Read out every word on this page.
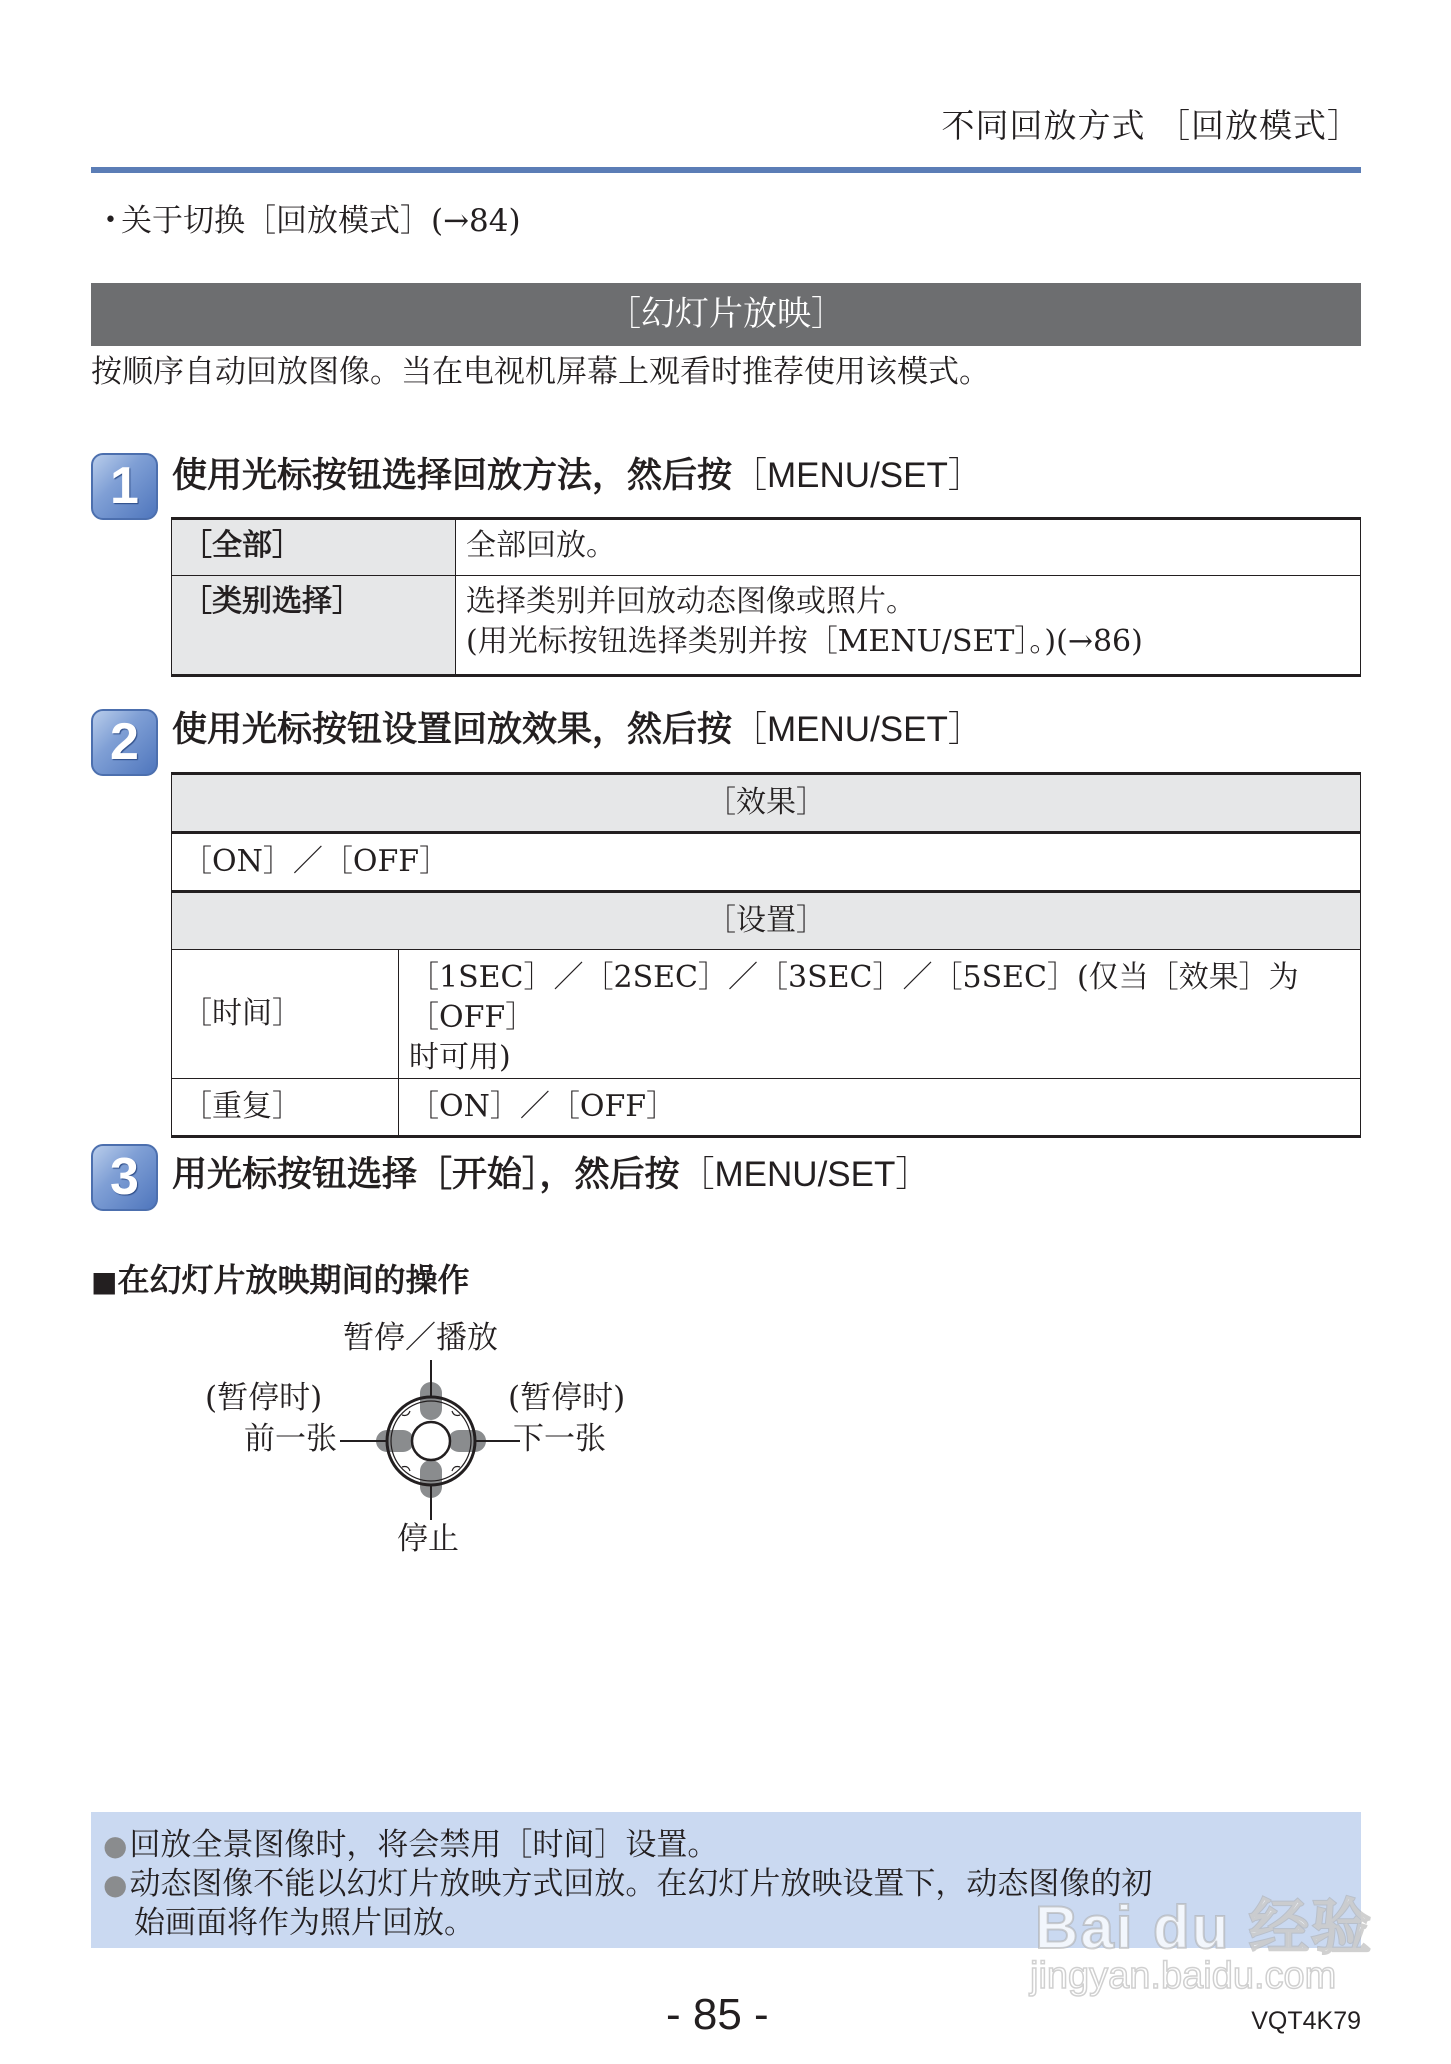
不同回放方式 ［回放模式］
• 关于切换［回放模式］(→84)
［幻灯片放映］
按顺序自动回放图像。当在电视机屏幕上观看时推荐使用该模式。
1 使用光标按钮选择回放方法，然后按［MENU/SET］
［全部］	全部回放。

［类别选择］	选择类别并回放动态图像或照片。
(用光标按钮选择类别并按［MENU/SET］。)(→86)
2 使用光标按钮设置回放效果，然后按［MENU/SET］
［效果］	
［ON］／［OFF］	
［设置］	
［时间］	［1SEC］／［2SEC］／［3SEC］／［5SEC］(仅当［效果］为［OFF］
时可用)

［重复］	［ON］／［OFF］
3 用光标按钮选择［开始］，然后按［MENU/SET］
■在幻灯片放映期间的操作
暂停／播放
(暂停时)
前一张
(暂停时)
下一张
停止
●回放全景图像时，将会禁用［时间］设置。
●动态图像不能以幻灯片放映方式回放。在幻灯片放映设置下，动态图像的初
始画面将作为照片回放。	Bai du 经验
jingyan.baidu.com
- 85 -	VQT4K79
